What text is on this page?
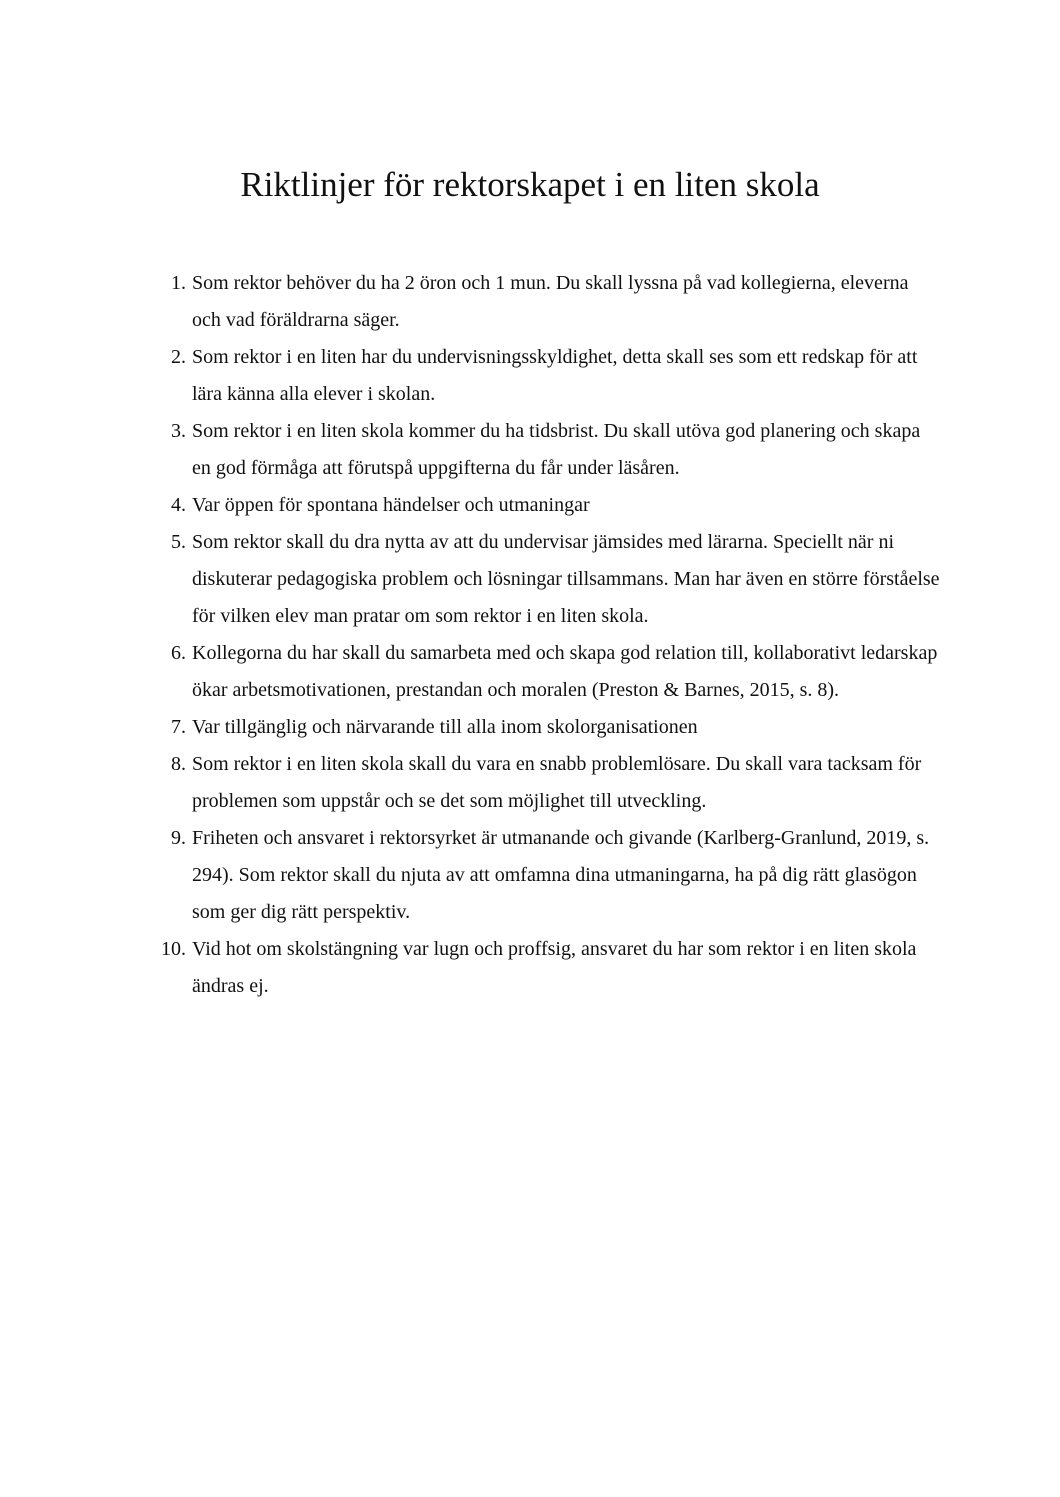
Riktlinjer för rektorskapet i en liten skola
1. Som rektor behöver du ha 2 öron och 1 mun. Du skall lyssna på vad kollegierna, eleverna och vad föräldrarna säger.
2. Som rektor i en liten har du undervisningsskyldighet, detta skall ses som ett redskap för att lära känna alla elever i skolan.
3. Som rektor i en liten skola kommer du ha tidsbrist. Du skall utöva god planering och skapa en god förmåga att förutspå uppgifterna du får under läsåren.
4. Var öppen för spontana händelser och utmaningar
5. Som rektor skall du dra nytta av att du undervisar jämsides med lärarna. Speciellt när ni diskuterar pedagogiska problem och lösningar tillsammans. Man har även en större förståelse för vilken elev man pratar om som rektor i en liten skola.
6. Kollegorna du har skall du samarbeta med och skapa god relation till, kollaborativt ledarskap ökar arbetsmotivationen, prestandan och moralen (Preston & Barnes, 2015, s. 8).
7. Var tillgänglig och närvarande till alla inom skolorganisationen
8. Som rektor i en liten skola skall du vara en snabb problemlösare. Du skall vara tacksam för problemen som uppstår och se det som möjlighet till utveckling.
9. Friheten och ansvaret i rektorsyrket är utmanande och givande (Karlberg-Granlund, 2019, s. 294). Som rektor skall du njuta av att omfamna dina utmaningarna, ha på dig rätt glasögon som ger dig rätt perspektiv.
10. Vid hot om skolstängning var lugn och proffsig, ansvaret du har som rektor i en liten skola ändras ej.
